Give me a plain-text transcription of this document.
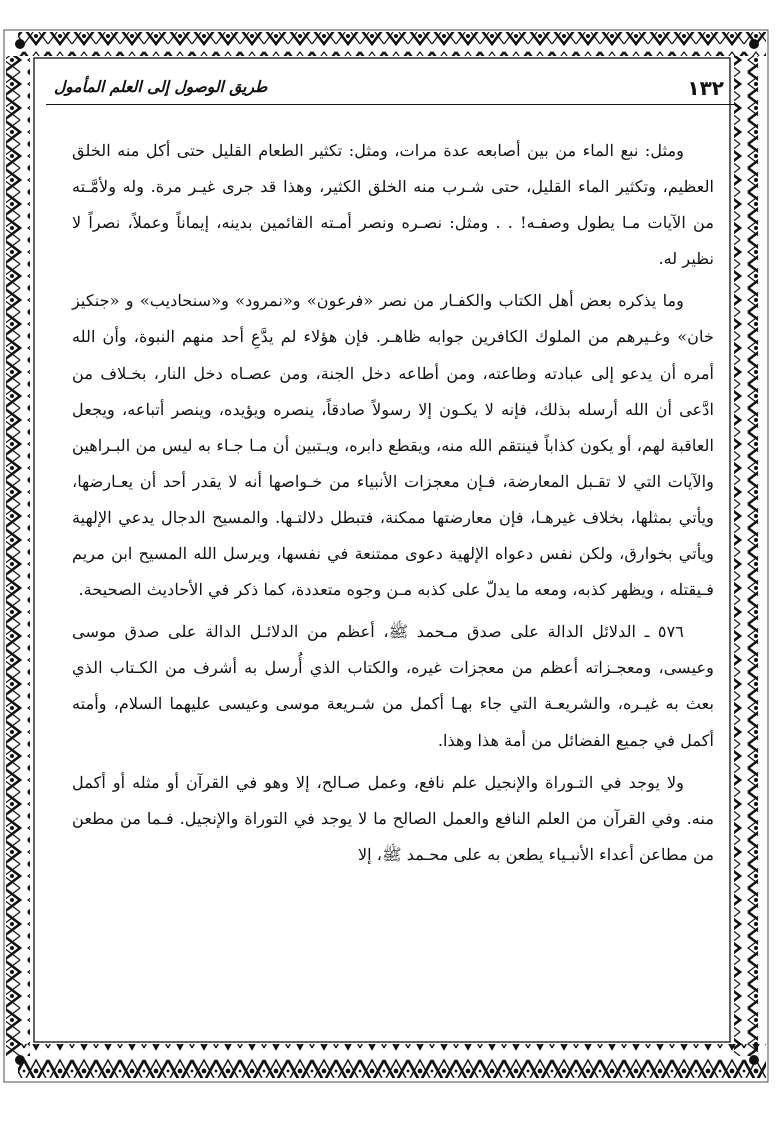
طريق الوصول إلى العلم المأمول	١٣٢

ومثل: نبع الماء من بين أصابعه عدة مرات، ومثل: تكثير الطعام القليل حتى أكل منه الخلق العظيم، وتكثير الماء القليل، حتى شـرب منه الخلق الكثير، وهذا قد جرى غيـر مرة. وله ولأمَّـته من الآيات مـا يطول وصفـه! . . ومثل: نصـره ونصر أمـته القائمين بدينه، إيماناً وعملاً، نصراً لا نظير له.

وما يذكره بعض أهل الكتاب والكفـار من نصر «فرعون» و«نمرود» و«سنحاديب» و «جنكيز خان» وغـيرهم من الملوك الكافرين جوابه ظاهـر. فإن هؤلاء لم يدَّعِ أحد منهم النبوة، وأن الله أمره أن يدعو إلى عبادته وطاعته، ومن أطاعه دخل الجنة، ومن عصـاه دخل النار، بخـلاف من ادَّعى أن الله أرسله بذلك، فإنه لا يكـون إلا رسولاً صادقاً، ينصره ويؤيده، وينصر أتباعه، ويجعل العاقبة لهم، أو يكون كذاباً فينتقم الله منه، ويقطع دابره، ويـتبين أن مـا جـاء به ليس من البـراهين والآيات التي لا تقـبل المعارضة، فـإن معجزات الأنبياء من خـواصها أنه لا يقدر أحد أن يعـارضها، ويأتي بمثلها، بخلاف غيرهـا، فإن معارضتها ممكنة، فتبطل دلالتـها. والمسيح الدجال يدعي الإلهية ويأتي بخوارق، ولكن نفس دعواه الإلهية دعوى ممتنعة في نفسها، ويرسل الله المسيح ابن مريم فـيقتله ، ويظهر كذبه، ومعه ما يدلّ على كذبه مـن وجوه متعددة، كما ذكر في الأحاديث الصحيحة.

٥٧٦ ـ الدلائل الدالة على صدق مـحمد ﷺ، أعظم من الدلائـل الدالة على صدق موسى وعيسى، ومعجـزاته أعظم من معجزات غيره، والكتاب الذي أُرسل به أشرف من الكـتاب الذي بعث به غيـره، والشريعـة التي جاء بهـا أكمل من شـريعة موسى وعيسى عليهما السلام، وأمته أكمل في جميع الفضائل من أمة هذا وهذا.

ولا يوجد في التـوراة والإنجيل علم نافع، وعمل صـالح، إلا وهو في القرآن أو مثله أو أكمل منه. وفي القرآن من العلم النافع والعمل الصالح ما لا يوجد في التوراة والإنجيل. فـما من مطعن من مطاعن أعداء الأنبـياء يطعن به على محـمد ﷺ، إلا
